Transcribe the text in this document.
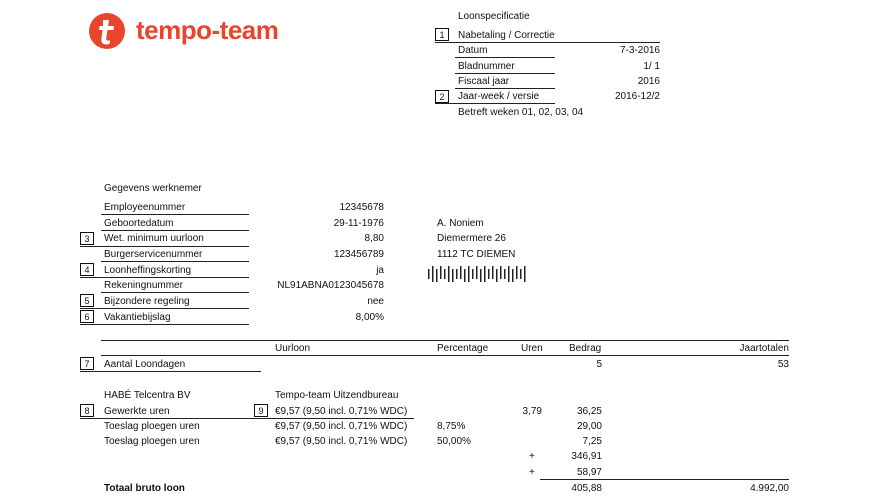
tempo-team	Loonspecificatie
1	Nabetaling / Correctie
Datum	7-3-2016
Bladnummer	1/ 1
Fiscaal jaar	2016
2	Jaar-week / versie	2016-12/2
Betreft weken 01, 02, 03, 04
Gegevens werknemer
Employeenummer	12345678
Geboortedatum	29-11-1976
3	Wet. minimum uurloon	8,80
Burgerservicenummer	123456789
4	Loonheffingskorting	ja
Rekeningnummer	NL91ABNA0123045678
5	Bijzondere regeling	nee
6	Vakantiebijslag	8,00%
A. Noniem
Diemermere 26
1112 TC DIEMEN
Uurloon	Percentage	Uren	Bedrag	Jaartotalen
7	Aantal Loondagen	5	53
HABÉ Telcentra BV	Tempo-team Uitzendbureau
8	Gewerkte uren	9	€9,57 (9,50 incl. 0,71% WDC)	3,79	36,25
Toeslag ploegen uren	€9,57 (9,50 incl. 0,71% WDC)	8,75%	29,00
Toeslag ploegen uren	€9,57 (9,50 incl. 0,71% WDC)	50,00%	7,25
+	346,91
+	58,97
Totaal bruto loon	405,88	4.992,00
